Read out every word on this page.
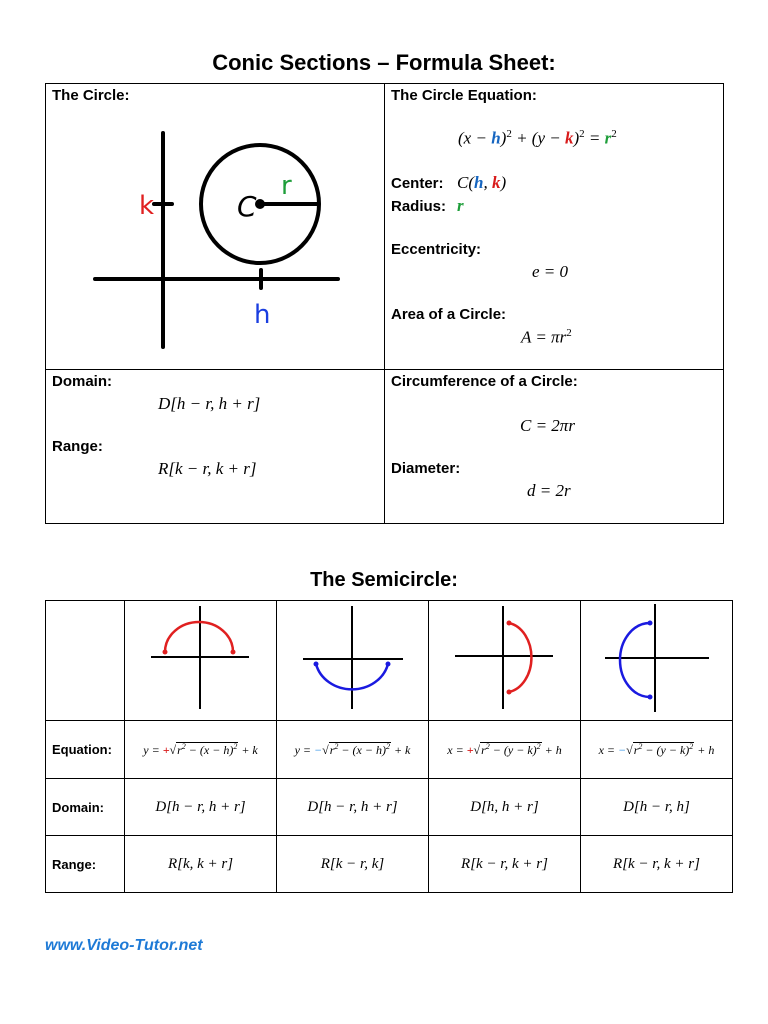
Conic Sections – Formula Sheet:
k
r
C
h
The Circle:	The Circle Equation:
$(x - h)^2 + (y - k)^2 = r^2$
Center: C(h, k)
Radius: r
Eccentricity:
e = 0
Area of a Circle:
$A = \pi r^2$
Domain:
D[h − r, h + r]
Range:
R[k − r, k + r]
Circumference of a Circle:
C = 2πr
Diameter:
d = 2r
The Semicircle:

Equation:	$y = +√r^2 - (x - h)^2 + k$	$y = -√r^2 - (x - h)^2 + k$	$x = +√r^2 - (y - k)^2 + h$	$x = -√r^2 - (y - k)^2 + h$
Domain:	D[h − r, h + r]	D[h − r, h + r]	D[h, h + r]	D[h − r, h]
Range:	R[k, k + r]	R[k − r, k]	R[k − r, k + r]	R[k − r, k + r]
www.Video-Tutor.net
